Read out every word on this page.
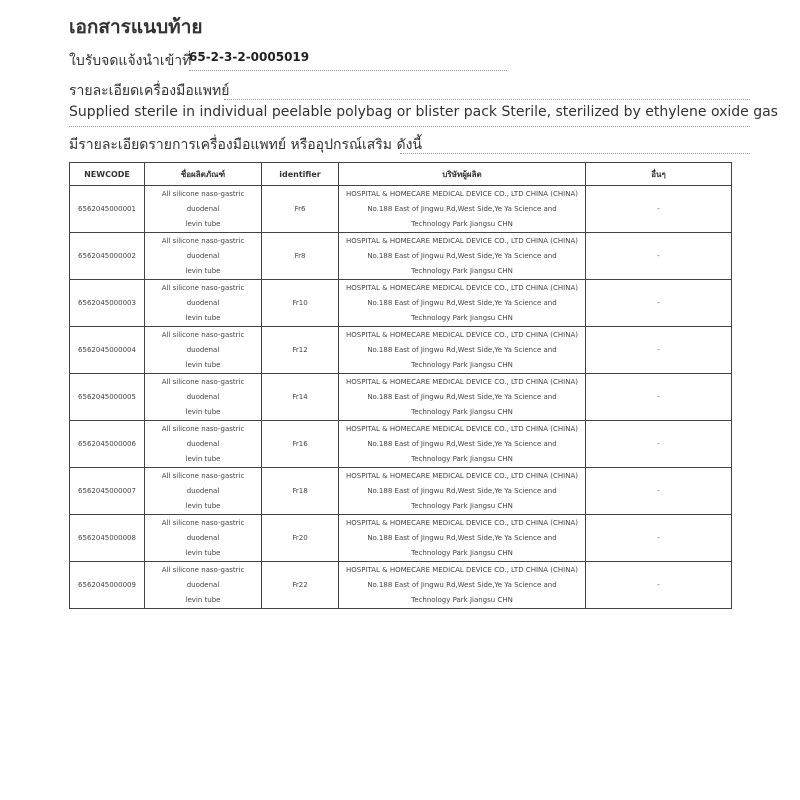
เอกสารแนบท้าย
ใบรับจดแจ้งนำเข้าที่
65-2-3-2-0005019
รายละเอียดเครื่องมือแพทย์
Supplied sterile in individual peelable polybag or blister pack Sterile, sterilized by ethylene oxide gas
มีรายละเอียดรายการเครื่องมือแพทย์ หรืออุปกรณ์เสริม ดังนี้
NEWCODE	ชื่อผลิตภัณฑ์	identifier	บริษัทผู้ผลิต	อื่นๆ
6562045000001	All silicone naso-gastric
duodenal
levin tube	Fr6	HOSPITAL & HOMECARE MEDICAL DEVICE CO., LTD CHINA (CHINA)
No.188 East of Jingwu Rd,West Side,Ye Ya Science and
Technology Park Jiangsu CHN	-
6562045000002	All silicone naso-gastric
duodenal
levin tube	Fr8	HOSPITAL & HOMECARE MEDICAL DEVICE CO., LTD CHINA (CHINA)
No.188 East of Jingwu Rd,West Side,Ye Ya Science and
Technology Park Jiangsu CHN	-
6562045000003	All silicone naso-gastric
duodenal
levin tube	Fr10	HOSPITAL & HOMECARE MEDICAL DEVICE CO., LTD CHINA (CHINA)
No.188 East of Jingwu Rd,West Side,Ye Ya Science and
Technology Park Jiangsu CHN	-
6562045000004	All silicone naso-gastric
duodenal
levin tube	Fr12	HOSPITAL & HOMECARE MEDICAL DEVICE CO., LTD CHINA (CHINA)
No.188 East of Jingwu Rd,West Side,Ye Ya Science and
Technology Park Jiangsu CHN	-
6562045000005	All silicone naso-gastric
duodenal
levin tube	Fr14	HOSPITAL & HOMECARE MEDICAL DEVICE CO., LTD CHINA (CHINA)
No.188 East of Jingwu Rd,West Side,Ye Ya Science and
Technology Park Jiangsu CHN	-
6562045000006	All silicone naso-gastric
duodenal
levin tube	Fr16	HOSPITAL & HOMECARE MEDICAL DEVICE CO., LTD CHINA (CHINA)
No.188 East of Jingwu Rd,West Side,Ye Ya Science and
Technology Park Jiangsu CHN	-
6562045000007	All silicone naso-gastric
duodenal
levin tube	Fr18	HOSPITAL & HOMECARE MEDICAL DEVICE CO., LTD CHINA (CHINA)
No.188 East of Jingwu Rd,West Side,Ye Ya Science and
Technology Park Jiangsu CHN	-
6562045000008	All silicone naso-gastric
duodenal
levin tube	Fr20	HOSPITAL & HOMECARE MEDICAL DEVICE CO., LTD CHINA (CHINA)
No.188 East of Jingwu Rd,West Side,Ye Ya Science and
Technology Park Jiangsu CHN	-
6562045000009	All silicone naso-gastric
duodenal
levin tube	Fr22	HOSPITAL & HOMECARE MEDICAL DEVICE CO., LTD CHINA (CHINA)
No.188 East of Jingwu Rd,West Side,Ye Ya Science and
Technology Park Jiangsu CHN	-
